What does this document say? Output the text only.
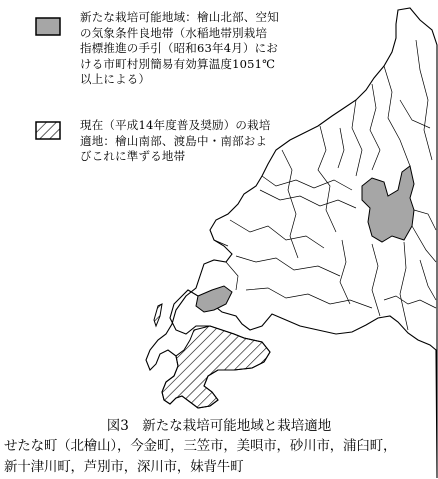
新たな栽培可能地域：檜山北部、空知
の気象条件良地帯（水稲地帯別栽培
指標推進の手引（昭和63年4月）にお
ける市町村別簡易有効算温度1051℃
以上による）
現在（平成14年度普及奨励）の栽培
適地：檜山南部、渡島中・南部およ
びこれに準ずる地帯
図3　新たな栽培可能地域と栽培適地
せたな町（北檜山），今金町，三笠市，美唄市，砂川市，浦臼町，
新十津川町，芦別市，深川市，妹背牛町
